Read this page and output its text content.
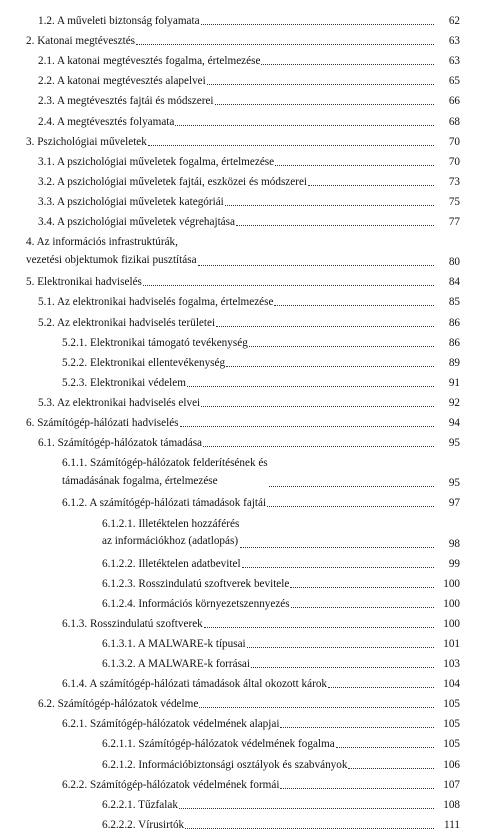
1.2. A műveleti biztonság folyamata	62
2. Katonai megtévesztés	63
2.1. A katonai megtévesztés fogalma, értelmezése	63
2.2. A katonai megtévesztés alapelvei	65
2.3. A megtévesztés fajtái és módszerei	66
2.4. A megtévesztés folyamata	68
3. Pszichológiai műveletek	70
3.1. A pszichológiai műveletek fogalma, értelmezése	70
3.2. A pszichológiai műveletek fajtái, eszközei és módszerei	73
3.3. A pszichológiai műveletek kategóriái	75
3.4. A pszichológiai műveletek végrehajtása	77
4. Az információs infrastruktúrák,
vezetési objektumok fizikai pusztítása	80
5. Elektronikai hadviselés	84
5.1. Az elektronikai hadviselés fogalma, értelmezése	85
5.2. Az elektronikai hadviselés területei	86
5.2.1. Elektronikai támogató tevékenység	86
5.2.2. Elektronikai ellentevékenység	89
5.2.3. Elektronikai védelem	91
5.3. Az elektronikai hadviselés elvei	92
6. Számítógép-hálózati hadviselés	94
6.1. Számítógép-hálózatok támadása	95
6.1.1. Számítógép-hálózatok felderítésének és
támadásának fogalma, értelmezése	95
6.1.2. A számítógép-hálózati támadások fajtái	97
6.1.2.1. Illetéktelen hozzáférés
az információkhoz (adatlopás)	98
6.1.2.2. Illetéktelen adatbevitel	99
6.1.2.3. Rosszindulatú szoftverek bevitele	100
6.1.2.4. Információs környezetszennyezés	100
6.1.3. Rosszindulatú szoftverek	100
6.1.3.1. A MALWARE-k típusai	101
6.1.3.2. A MALWARE-k forrásai	103
6.1.4. A számítógép-hálózati támadások által okozott károk	104
6.2. Számítógép-hálózatok védelme	105
6.2.1. Számítógép-hálózatok védelmének alapjai	105
6.2.1.1. Számítógép-hálózatok védelmének fogalma	105
6.2.1.2. Információbiztonsági osztályok és szabványok	106
6.2.2. Számítógép-hálózatok védelmének formái	107
6.2.2.1. Tűzfalak	108
6.2.2.2. Vírusirtók	111
